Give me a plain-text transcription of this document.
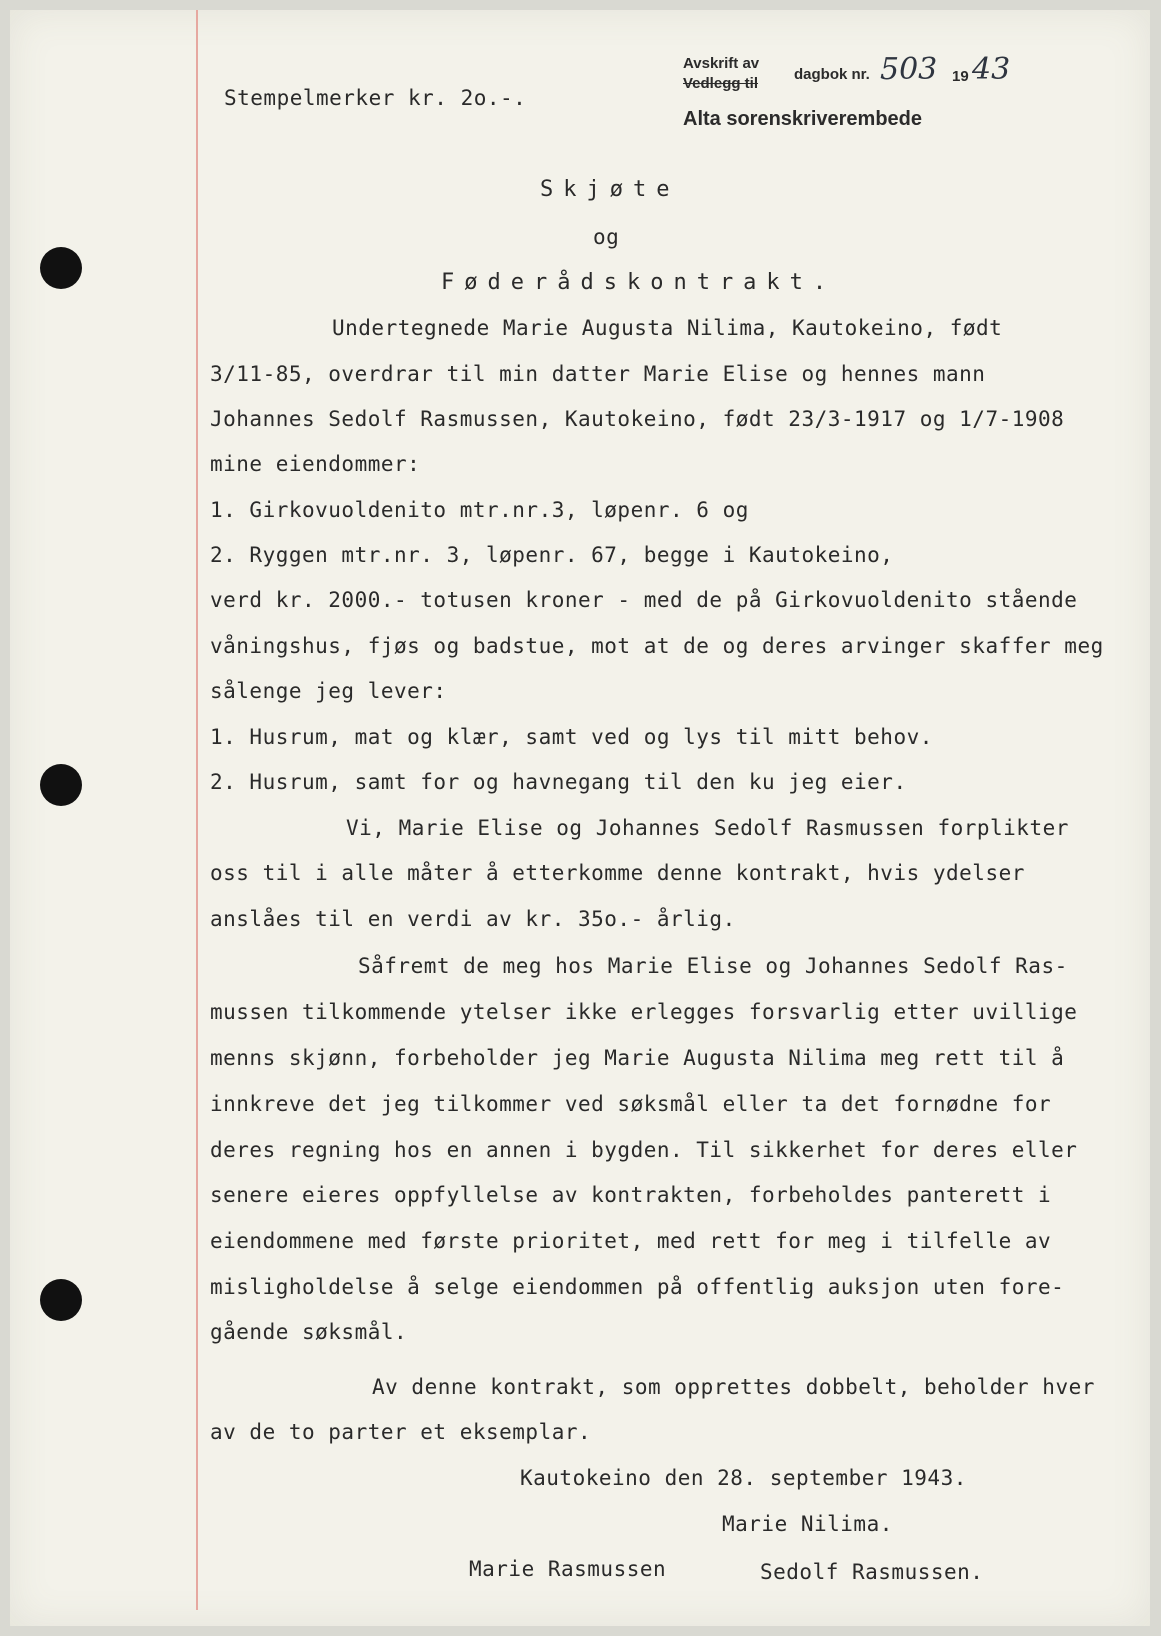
Avskrift av
Vedlegg til
dagbok nr. 503 19 43
Alta sorenskriverembede
Stempelmerker kr. 2o.-.
Skjøte
og
Føderådskontrakt.
Undertegnede Marie Augusta Nilima, Kautokeino, født
3/11-85, overdrar til min datter Marie Elise og hennes mann
Johannes Sedolf Rasmussen, Kautokeino, født 23/3-1917 og 1/7-1908
mine eiendommer:
1. Girkovuoldenito mtr.nr.3, løpenr. 6 og
2. Ryggen mtr.nr. 3, løpenr. 67, begge i Kautokeino,
verd kr. 2000.- totusen kroner - med de på Girkovuoldenito stående
våningshus, fjøs og badstue, mot at de og deres arvinger skaffer meg
sålenge jeg lever:
1. Husrum, mat og klær, samt ved og lys til mitt behov.
2. Husrum, samt for og havnegang til den ku jeg eier.
Vi, Marie Elise og Johannes Sedolf Rasmussen forplikter
oss til i alle måter å etterkomme denne kontrakt, hvis ydelser
anslåes til en verdi av kr. 35o.- årlig.
Såfremt de meg hos Marie Elise og Johannes Sedolf Ras-
mussen tilkommende ytelser ikke erlegges forsvarlig etter uvillige
menns skjønn, forbeholder jeg Marie Augusta Nilima meg rett til å
innkreve det jeg tilkommer ved søksmål eller ta det fornødne for
deres regning hos en annen i bygden. Til sikkerhet for deres eller
senere eieres oppfyllelse av kontrakten, forbeholdes panterett i
eiendommene med første prioritet, med rett for meg i tilfelle av
misligholdelse å selge eiendommen på offentlig auksjon uten fore-
gående søksmål.
Av denne kontrakt, som opprettes dobbelt, beholder hver
av de to parter et eksemplar.
Kautokeino den 28. september 1943.
Marie Nilima.
Marie Rasmussen	Sedolf Rasmussen.
